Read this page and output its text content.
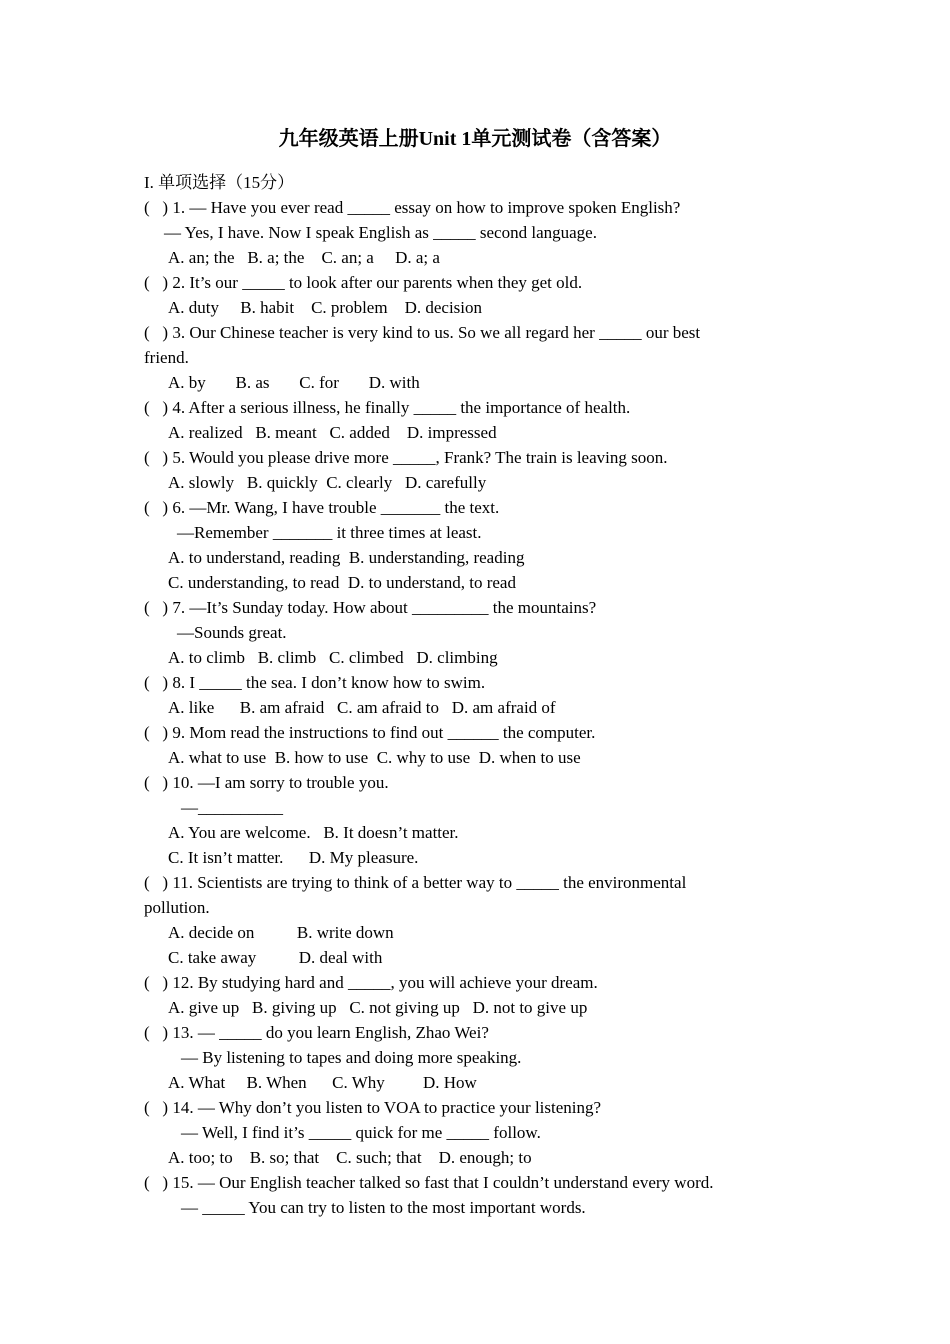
九年级英语上册Unit 1单元测试卷（含答案）
I. 单项选择（15分）
(   ) 1. — Have you ever read _____ essay on how to improve spoken English?
— Yes, I have. Now I speak English as _____ second language.
A. an; the   B. a; the    C. an; a     D. a; a
(   ) 2. It’s our _____ to look after our parents when they get old.
A. duty     B. habit    C. problem    D. decision
(   ) 3. Our Chinese teacher is very kind to us. So we all regard her _____ our best
friend.
A. by       B. as       C. for       D. with
(   ) 4. After a serious illness, he finally _____ the importance of health.
A. realized   B. meant   C. added    D. impressed
(   ) 5. Would you please drive more _____, Frank? The train is leaving soon.
A. slowly   B. quickly  C. clearly   D. carefully
(   ) 6. —Mr. Wang, I have trouble _______ the text.
—Remember _______ it three times at least.
A. to understand, reading  B. understanding, reading
C. understanding, to read  D. to understand, to read
(   ) 7. —It’s Sunday today. How about _________ the mountains?
—Sounds great.
A. to climb   B. climb   C. climbed   D. climbing
(   ) 8. I _____ the sea. I don’t know how to swim.
A. like      B. am afraid   C. am afraid to   D. am afraid of
(   ) 9. Mom read the instructions to find out ______ the computer.
A. what to use  B. how to use  C. why to use  D. when to use
(   ) 10. —I am sorry to trouble you.
—__________
A. You are welcome.   B. It doesn’t matter.
C. It isn’t matter.      D. My pleasure.
(   ) 11. Scientists are trying to think of a better way to _____ the environmental
pollution.
A. decide on          B. write down
C. take away          D. deal with
(   ) 12. By studying hard and _____, you will achieve your dream.
A. give up   B. giving up   C. not giving up   D. not to give up
(   ) 13. — _____ do you learn English, Zhao Wei?
— By listening to tapes and doing more speaking.
A. What     B. When      C. Why         D. How
(   ) 14. — Why don’t you listen to VOA to practice your listening?
— Well, I find it’s _____ quick for me _____ follow.
A. too; to    B. so; that    C. such; that    D. enough; to
(   ) 15. — Our English teacher talked so fast that I couldn’t understand every word.
— _____ You can try to listen to the most important words.
